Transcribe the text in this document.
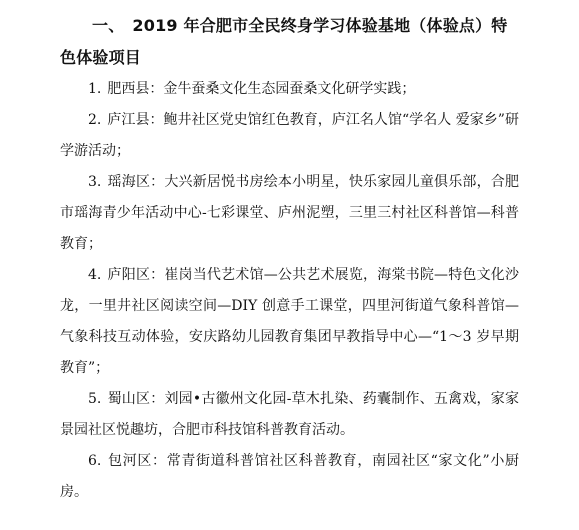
一、 2019 年合肥市全民终身学习体验基地（体验点）特色体验项目

1. 肥西县：金牛蚕桑文化生态园蚕桑文化研学实践；

2. 庐江县：鲍井社区党史馆红色教育，庐江名人馆“学名人 爱家乡”研学游活动；

3. 瑶海区：大兴新居悦书房绘本小明星，快乐家园儿童俱乐部，合肥市瑶海青少年活动中心-七彩课堂、庐州泥塑，三里三村社区科普馆—科普教育；

4. 庐阳区：崔岗当代艺术馆—公共艺术展览，海棠书院—特色文化沙龙，一里井社区阅读空间—DIY 创意手工课堂，四里河街道气象科普馆—气象科技互动体验，安庆路幼儿园教育集团早教指导中心—“1～3 岁早期教育”；

5. 蜀山区：刘园•古徽州文化园-草木扎染、药囊制作、五禽戏，家家景园社区悦趣坊，合肥市科技馆科普教育活动。

6. 包河区：常青街道科普馆社区科普教育，南园社区“家文化”小厨房。
